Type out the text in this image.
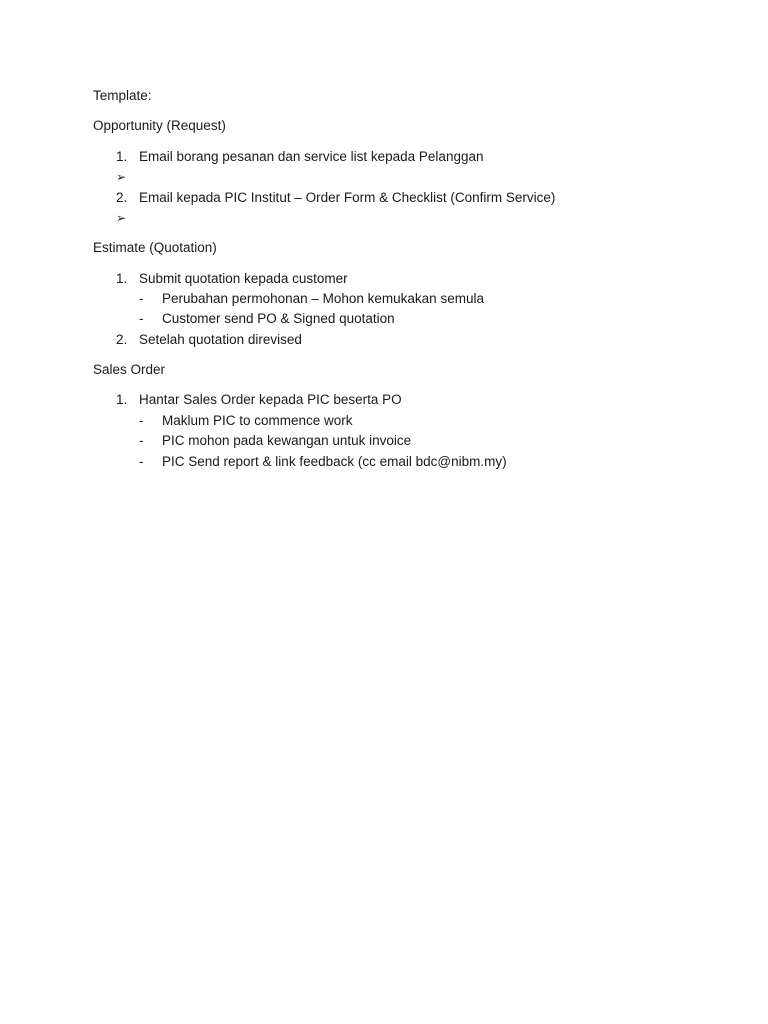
Template:
Opportunity (Request)
1. Email borang pesanan dan service list kepada Pelanggan
➢
2. Email kepada PIC Institut – Order Form & Checklist (Confirm Service)
➢
Estimate (Quotation)
1. Submit quotation kepada customer
- Perubahan permohonan – Mohon kemukakan semula
- Customer send PO & Signed quotation
2. Setelah quotation direvised
Sales Order
1. Hantar Sales Order kepada PIC beserta PO
- Maklum PIC to commence work
- PIC mohon pada kewangan untuk invoice
- PIC Send report & link feedback (cc email bdc@nibm.my)
